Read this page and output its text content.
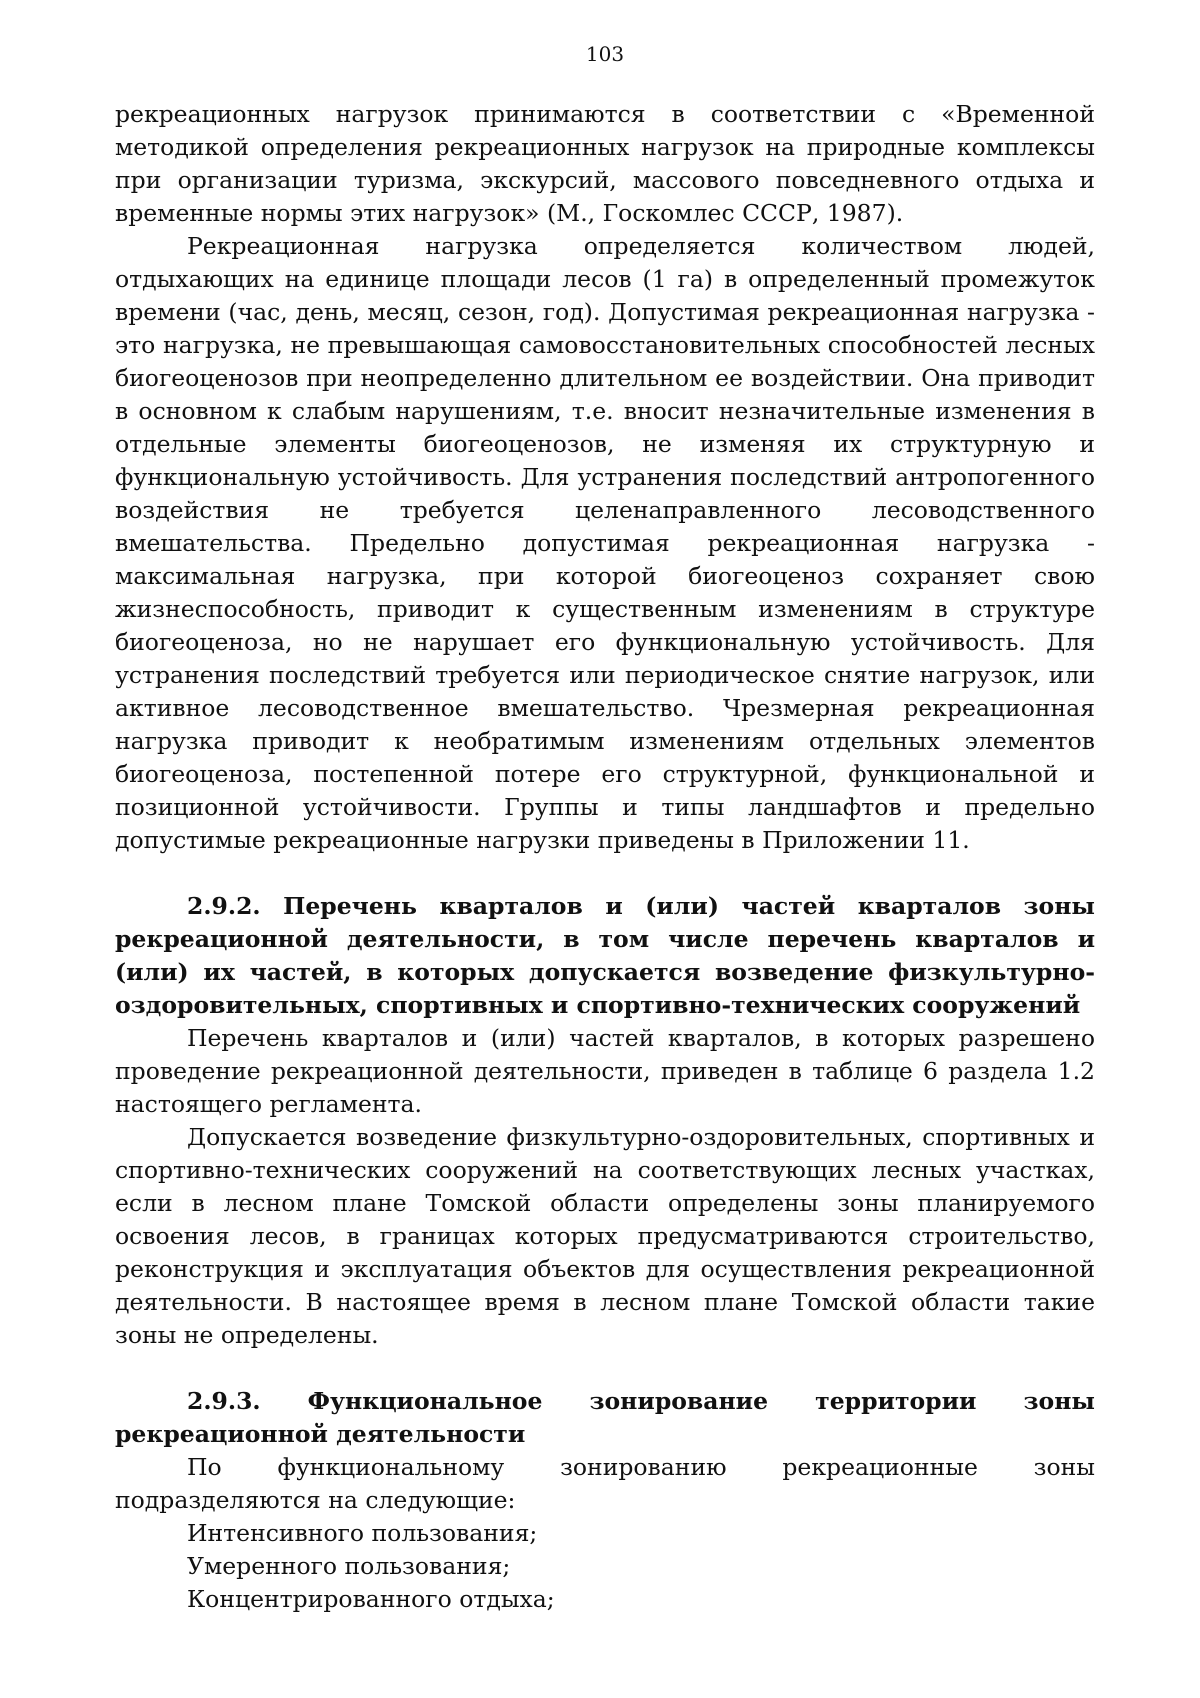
103

рекреационных нагрузок принимаются в соответствии с «Временной методикой определения рекреационных нагрузок на природные комплексы при организации туризма, экскурсий, массового повседневного отдыха и временные нормы этих нагрузок» (М., Госкомлес СССР, 1987).

Рекреационная нагрузка определяется количеством людей, отдыхающих на единице площади лесов (1 га) в определенный промежуток времени (час, день, месяц, сезон, год). Допустимая рекреационная нагрузка - это нагрузка, не превышающая самовосстановительных способностей лесных биогеоценозов при неопределенно длительном ее воздействии. Она приводит в основном к слабым нарушениям, т.е. вносит незначительные изменения в отдельные элементы биогеоценозов, не изменяя их структурную и функциональную устойчивость. Для устранения последствий антропогенного воздействия не требуется целенаправленного лесоводственного вмешательства. Предельно допустимая рекреационная нагрузка - максимальная нагрузка, при которой биогеоценоз сохраняет свою жизнеспособность, приводит к существенным изменениям в структуре биогеоценоза, но не нарушает его функциональную устойчивость. Для устранения последствий требуется или периодическое снятие нагрузок, или активное лесоводственное вмешательство. Чрезмерная рекреационная нагрузка приводит к необратимым изменениям отдельных элементов биогеоценоза, постепенной потере его структурной, функциональной и позиционной устойчивости. Группы и типы ландшафтов и предельно допустимые рекреационные нагрузки приведены в Приложении 11.

2.9.2. Перечень кварталов и (или) частей кварталов зоны рекреационной деятельности, в том числе перечень кварталов и (или) их частей, в которых допускается возведение физкультурно-оздоровительных, спортивных и спортивно-технических сооружений

Перечень кварталов и (или) частей кварталов, в которых разрешено проведение рекреационной деятельности, приведен в таблице 6 раздела 1.2 настоящего регламента.

Допускается возведение физкультурно-оздоровительных, спортивных и спортивно-технических сооружений на соответствующих лесных участках, если в лесном плане Томской области определены зоны планируемого освоения лесов, в границах которых предусматриваются строительство, реконструкция и эксплуатация объектов для осуществления рекреационной деятельности. В настоящее время в лесном плане Томской области такие зоны не определены.

2.9.3. Функциональное зонирование территории зоны рекреационной деятельности

По функциональному зонированию рекреационные зоны подразделяются на следующие:

Интенсивного пользования;

Умеренного пользования;

Концентрированного отдыха;
